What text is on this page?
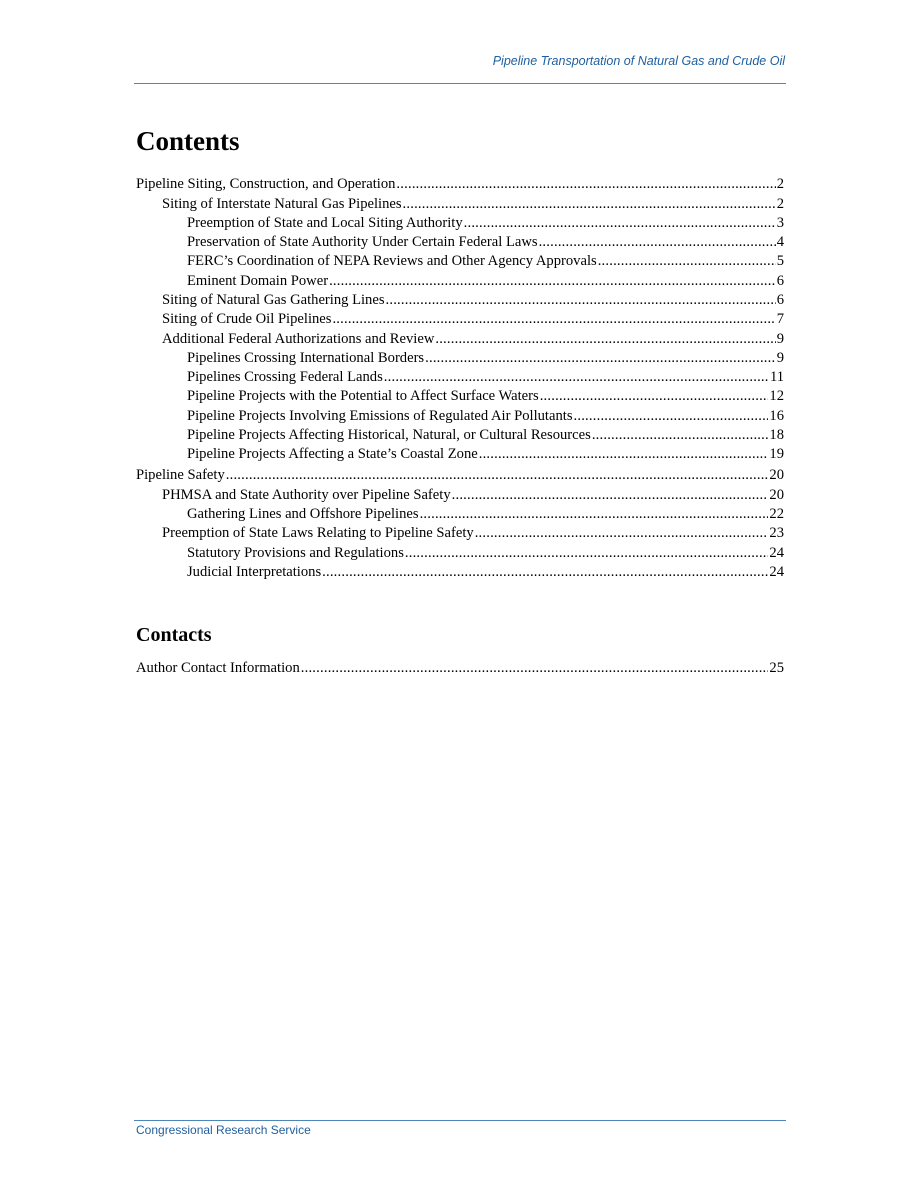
Pipeline Transportation of Natural Gas and Crude Oil
Contents
Pipeline Siting, Construction, and Operation .....	2
Siting of Interstate Natural Gas Pipelines .....	2
Preemption of State and Local Siting Authority .....	3
Preservation of State Authority Under Certain Federal Laws .....	4
FERC’s Coordination of NEPA Reviews and Other Agency Approvals .....	5
Eminent Domain Power .....	6
Siting of Natural Gas Gathering Lines .....	6
Siting of Crude Oil Pipelines .....	7
Additional Federal Authorizations and Review .....	9
Pipelines Crossing International Borders .....	9
Pipelines Crossing Federal Lands .....	11
Pipeline Projects with the Potential to Affect Surface Waters .....	12
Pipeline Projects Involving Emissions of Regulated Air Pollutants .....	16
Pipeline Projects Affecting Historical, Natural, or Cultural Resources .....	18
Pipeline Projects Affecting a State’s Coastal Zone .....	19
Pipeline Safety .....	20
PHMSA and State Authority over Pipeline Safety .....	20
Gathering Lines and Offshore Pipelines .....	22
Preemption of State Laws Relating to Pipeline Safety .....	23
Statutory Provisions and Regulations .....	24
Judicial Interpretations .....	24
Contacts
Author Contact Information .....	25
Congressional Research Service
